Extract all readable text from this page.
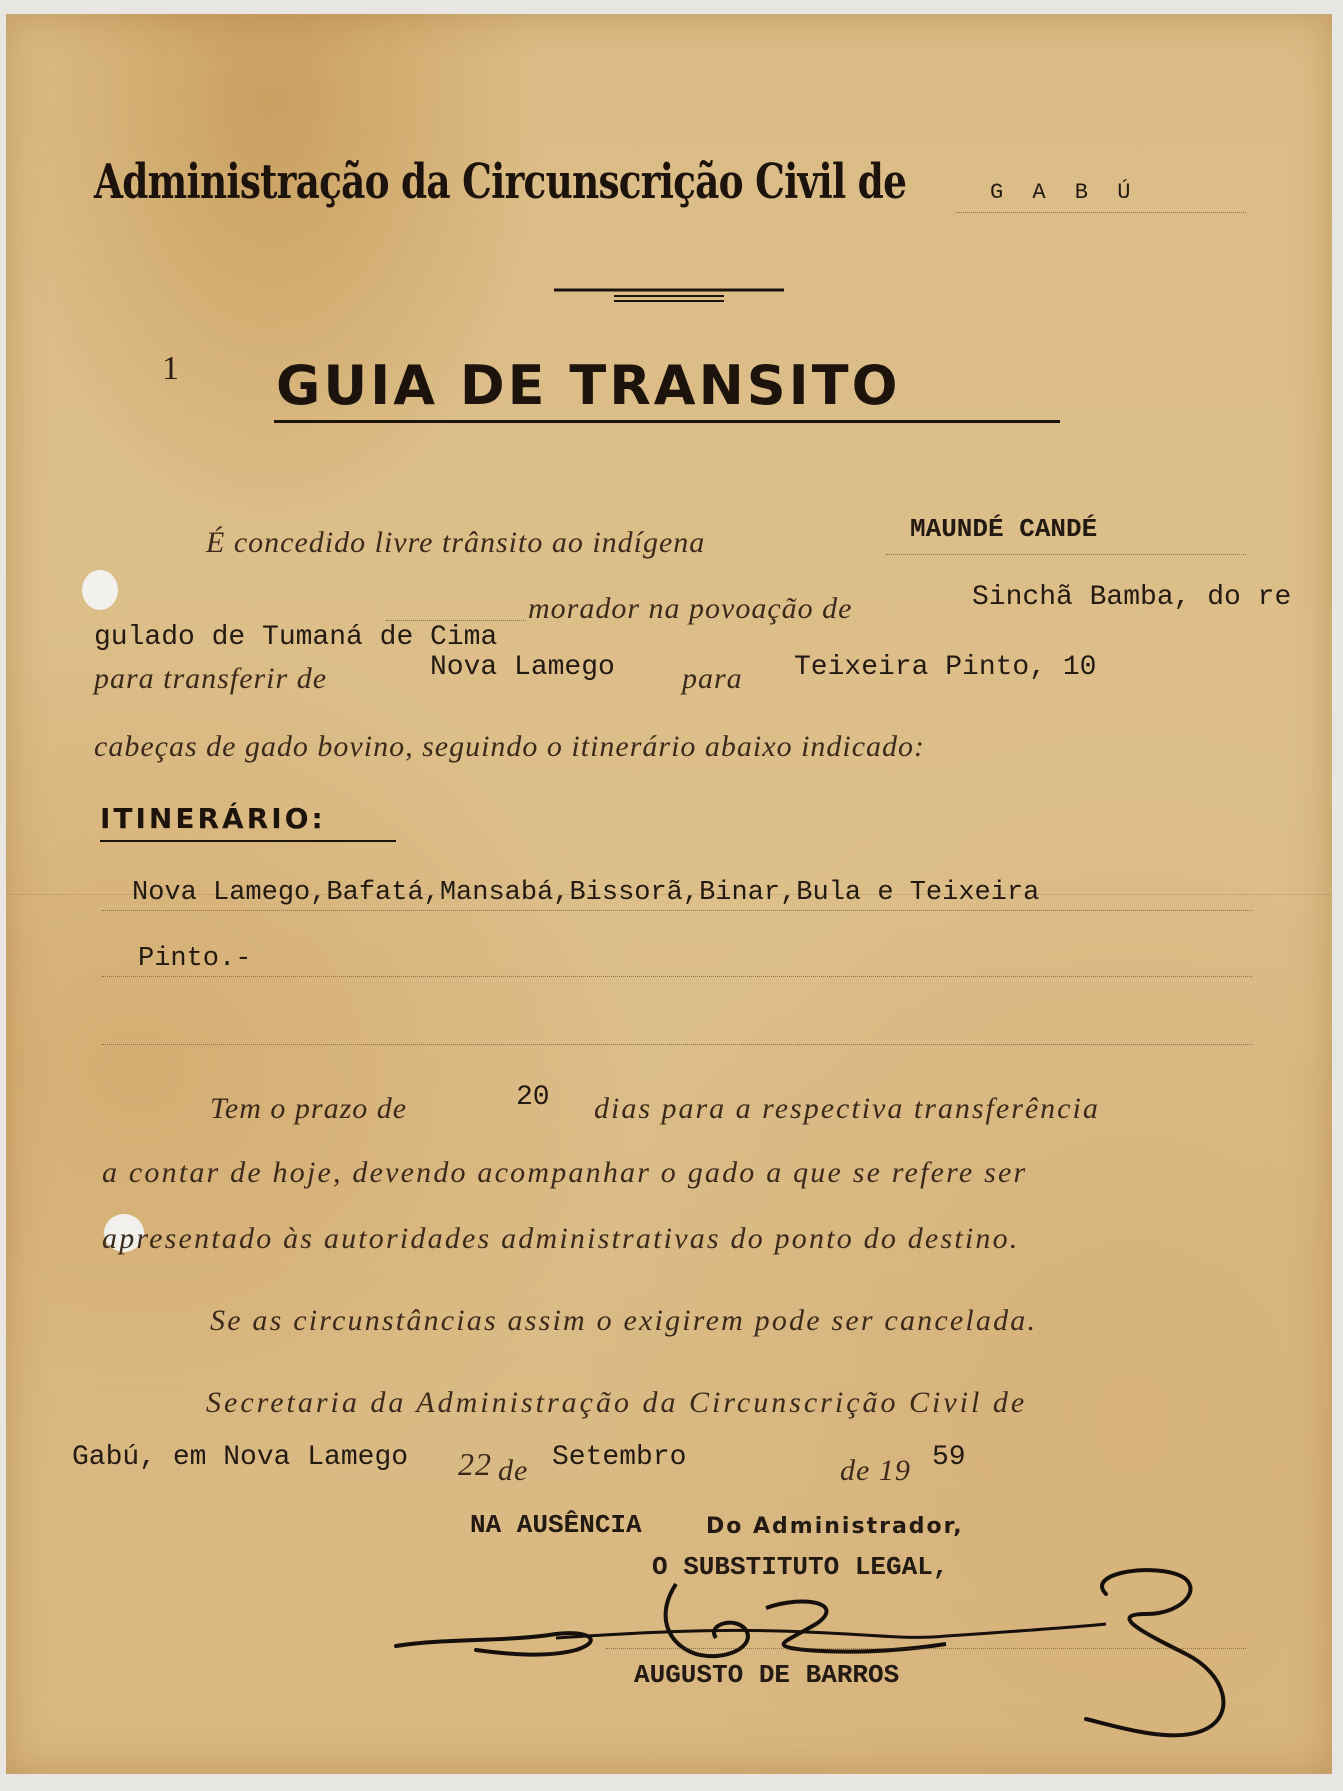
Administração da Circunscrição Civil de	G A B Ú
1 GUIA DE TRANSITO
É concedido livre trânsito ao indígena	MAUNDÉ CANDÉ
morador na povoação de	Sinchã Bamba, do re
gulado de Tumaná de Cima
para transferir de	Nova Lamego para Teixeira Pinto, 10
cabeças de gado bovino, seguindo o itinerário abaixo indicado:
ITINERÁRIO:
Nova Lamego,Bafatá,Mansabá,Bissorã,Binar,Bula e Teixeira
Pinto.-
Tem o prazo de	20 dias para a respectiva transferência
a contar de hoje, devendo acompanhar o gado a que se refere ser
apresentado às autoridades administrativas do ponto do destino.
Se as circunstâncias assim o exigirem pode ser cancelada.
Secretaria da Administração da Circunscrição Civil de
Gabú, em Nova Lamego 22 de Setembro	de 19 59
NA AUSÊNCIA	Do Administrador,
O SUBSTITUTO LEGAL,
AUGUSTO DE BARROS
